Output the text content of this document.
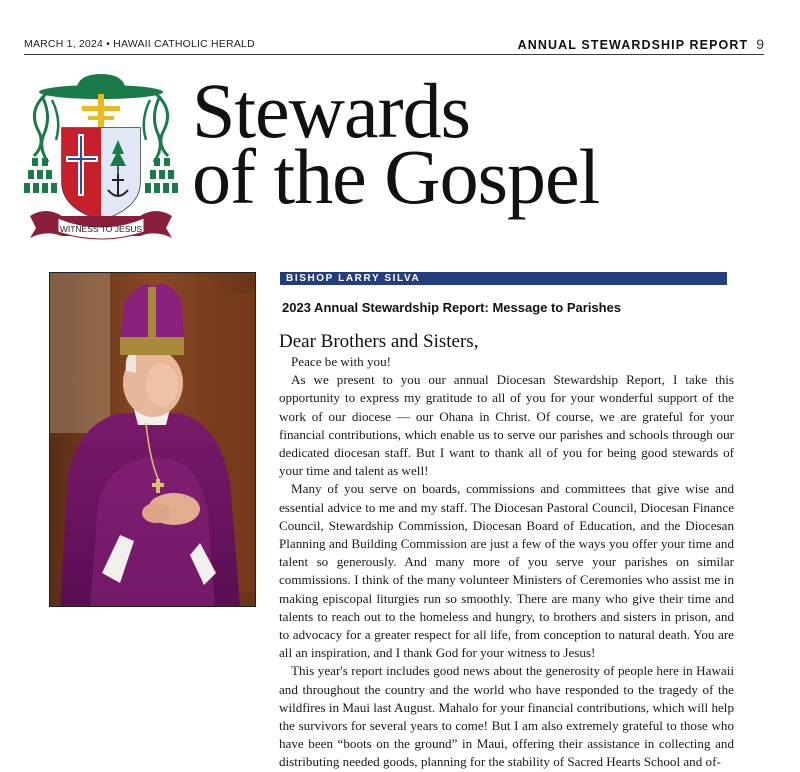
MARCH 1, 2024 • HAWAII CATHOLIC HERALD	ANNUAL STEWARDSHIP REPORT 9
WITNESS TO JESUS
Stewards
of the Gospel
BISHOP LARRY SILVA
2023 Annual Stewardship Report: Message to Parishes
Dear Brothers and Sisters,

Peace be with you!

As we present to you our annual Diocesan Stewardship Report, I take this opportunity to express my gratitude to all of you for your wonderful support of the work of our diocese — our Ohana in Christ. Of course, we are grateful for your financial contributions, which enable us to serve our parishes and schools through our dedicated diocesan staff. But I want to thank all of you for being good stewards of your time and talent as well!

Many of you serve on boards, commissions and committees that give wise and essential advice to me and my staff. The Diocesan Pastoral Council, Diocesan Finance Council, Stewardship Commission, Diocesan Board of Education, and the Diocesan Planning and Building Commission are just a few of the ways you offer your time and talent so generously. And many more of you serve your parishes on similar commissions. I think of the many volunteer Ministers of Ceremonies who assist me in making episcopal liturgies run so smoothly. There are many who give their time and talents to reach out to the homeless and hungry, to brothers and sisters in prison, and to advocacy for a greater respect for all life, from conception to natural death. You are all an inspiration, and I thank God for your witness to Jesus!

This year's report includes good news about the generosity of people here in Hawaii and throughout the country and the world who have responded to the tragedy of the wildfires in Maui last August. Mahalo for your financial contributions, which will help the survivors for several years to come! But I am also extremely grateful to those who have been “boots on the ground” in Maui, offering their assistance in collecting and distributing needed goods, planning for the stability of Sacred Hearts School and of-
